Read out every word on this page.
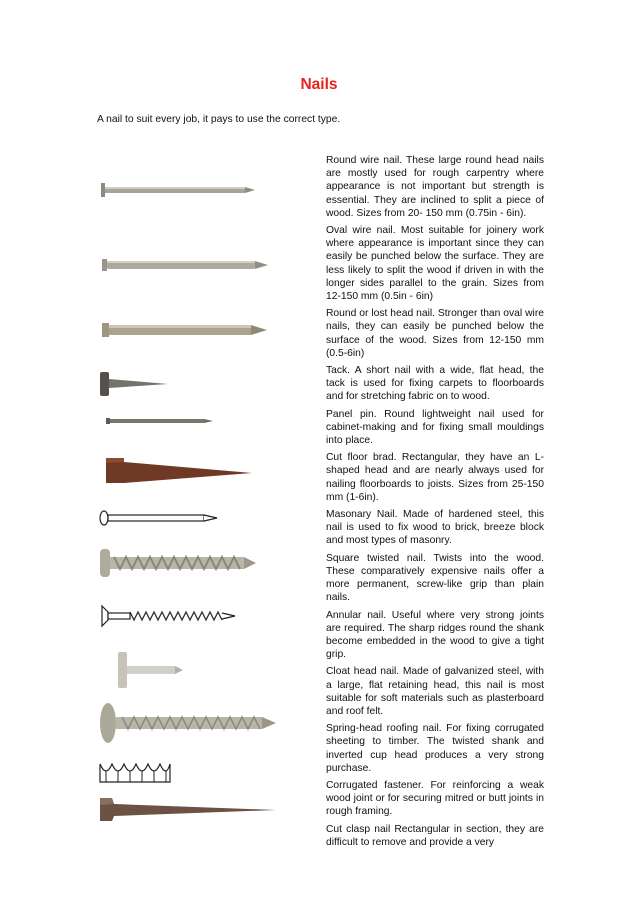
Nails
A nail to suit every job, it pays to use the correct type.

Round wire nail. These large round head nails are mostly used for rough carpentry where appearance is not important but strength is essential. They are inclined to split a piece of wood. Sizes from 20- 150 mm (0.75in - 6in).

Oval wire nail. Most suitable for joinery work where appearance is important since they can easily be punched below the surface. They are less likely to split the wood if driven in with the longer sides parallel to the grain. Sizes from 12-150 mm (0.5in - 6in)

Round or lost head nail. Stronger than oval wire nails, they can easily be punched below the surface of the wood. Sizes from 12-150 mm (0.5-6in)

Tack. A short nail with a wide, flat head, the tack is used for fixing carpets to floorboards and for stretching fabric on to wood.

Panel pin. Round lightweight nail used for cabinet-making and for fixing small mouldings into place.

Cut floor brad. Rectangular, they have an L-shaped head and are nearly always used for nailing floorboards to joists. Sizes from 25-150 mm (1-6in).

Masonary Nail. Made of hardened steel, this nail is used to fix wood to brick, breeze block and most types of masonry.

Square twisted nail. Twists into the wood. These comparatively expensive nails offer a more permanent, screw-like grip than plain nails.

Annular nail. Useful where very strong joints are required. The sharp ridges round the shank become embedded in the wood to give a tight grip.

Cloat head nail. Made of galvanized steel, with a large, flat retaining head, this nail is most suitable for soft materials such as plasterboard and roof felt.

Spring-head roofing nail. For fixing corrugated sheeting to timber. The twisted shank and inverted cup head produces a very strong purchase.

Corrugated fastener. For reinforcing a weak wood joint or for securing mitred or butt joints in rough framing.

Cut clasp nail Rectangular in section, they are difficult to remove and provide a very
